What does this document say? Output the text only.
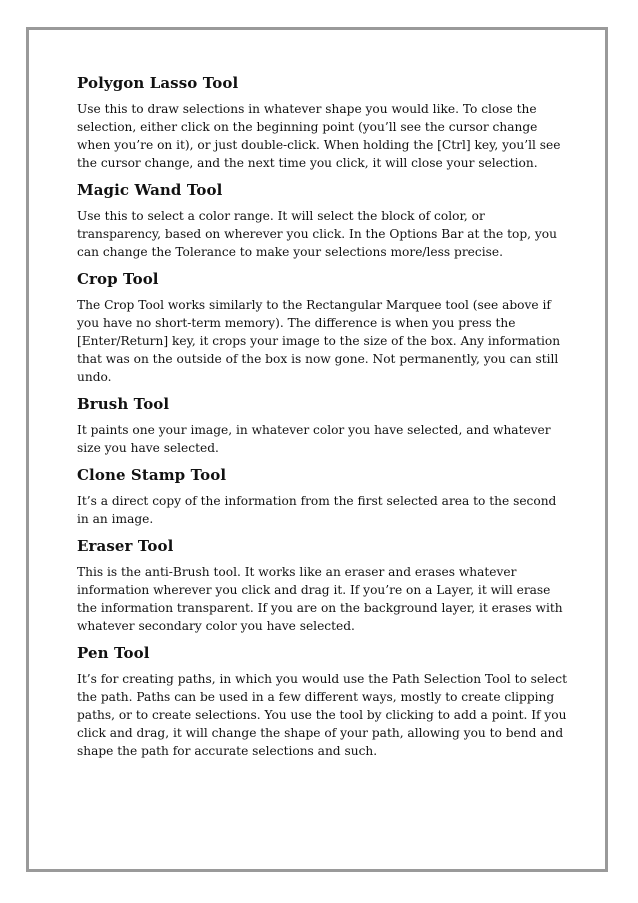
Polygon Lasso Tool

Use this to draw selections in whatever shape you would like. To close the selection, either click on the beginning point (you’ll see the cursor change when you’re on it), or just double-click. When holding the [Ctrl] key, you’ll see the cursor change, and the next time you click, it will close your selection.

Magic Wand Tool

Use this to select a color range. It will select the block of color, or transparency, based on wherever you click. In the Options Bar at the top, you can change the Tolerance to make your selections more/less precise.

Crop Tool

The Crop Tool works similarly to the Rectangular Marquee tool (see above if you have no short-term memory). The difference is when you press the [Enter/Return] key, it crops your image to the size of the box. Any information that was on the outside of the box is now gone. Not permanently, you can still undo.

Brush Tool

It paints one your image, in whatever color you have selected, and whatever size you have selected.

Clone Stamp Tool

It’s a direct copy of the information from the first selected area to the second in an image.

Eraser Tool

This is the anti-Brush tool. It works like an eraser and erases whatever information wherever you click and drag it. If you’re on a Layer, it will erase the information transparent. If you are on the background layer, it erases with whatever secondary color you have selected.

Pen Tool

It’s for creating paths, in which you would use the Path Selection Tool to select the path. Paths can be used in a few different ways, mostly to create clipping paths, or to create selections. You use the tool by clicking to add a point. If you click and drag, it will change the shape of your path, allowing you to bend and shape the path for accurate selections and such.
